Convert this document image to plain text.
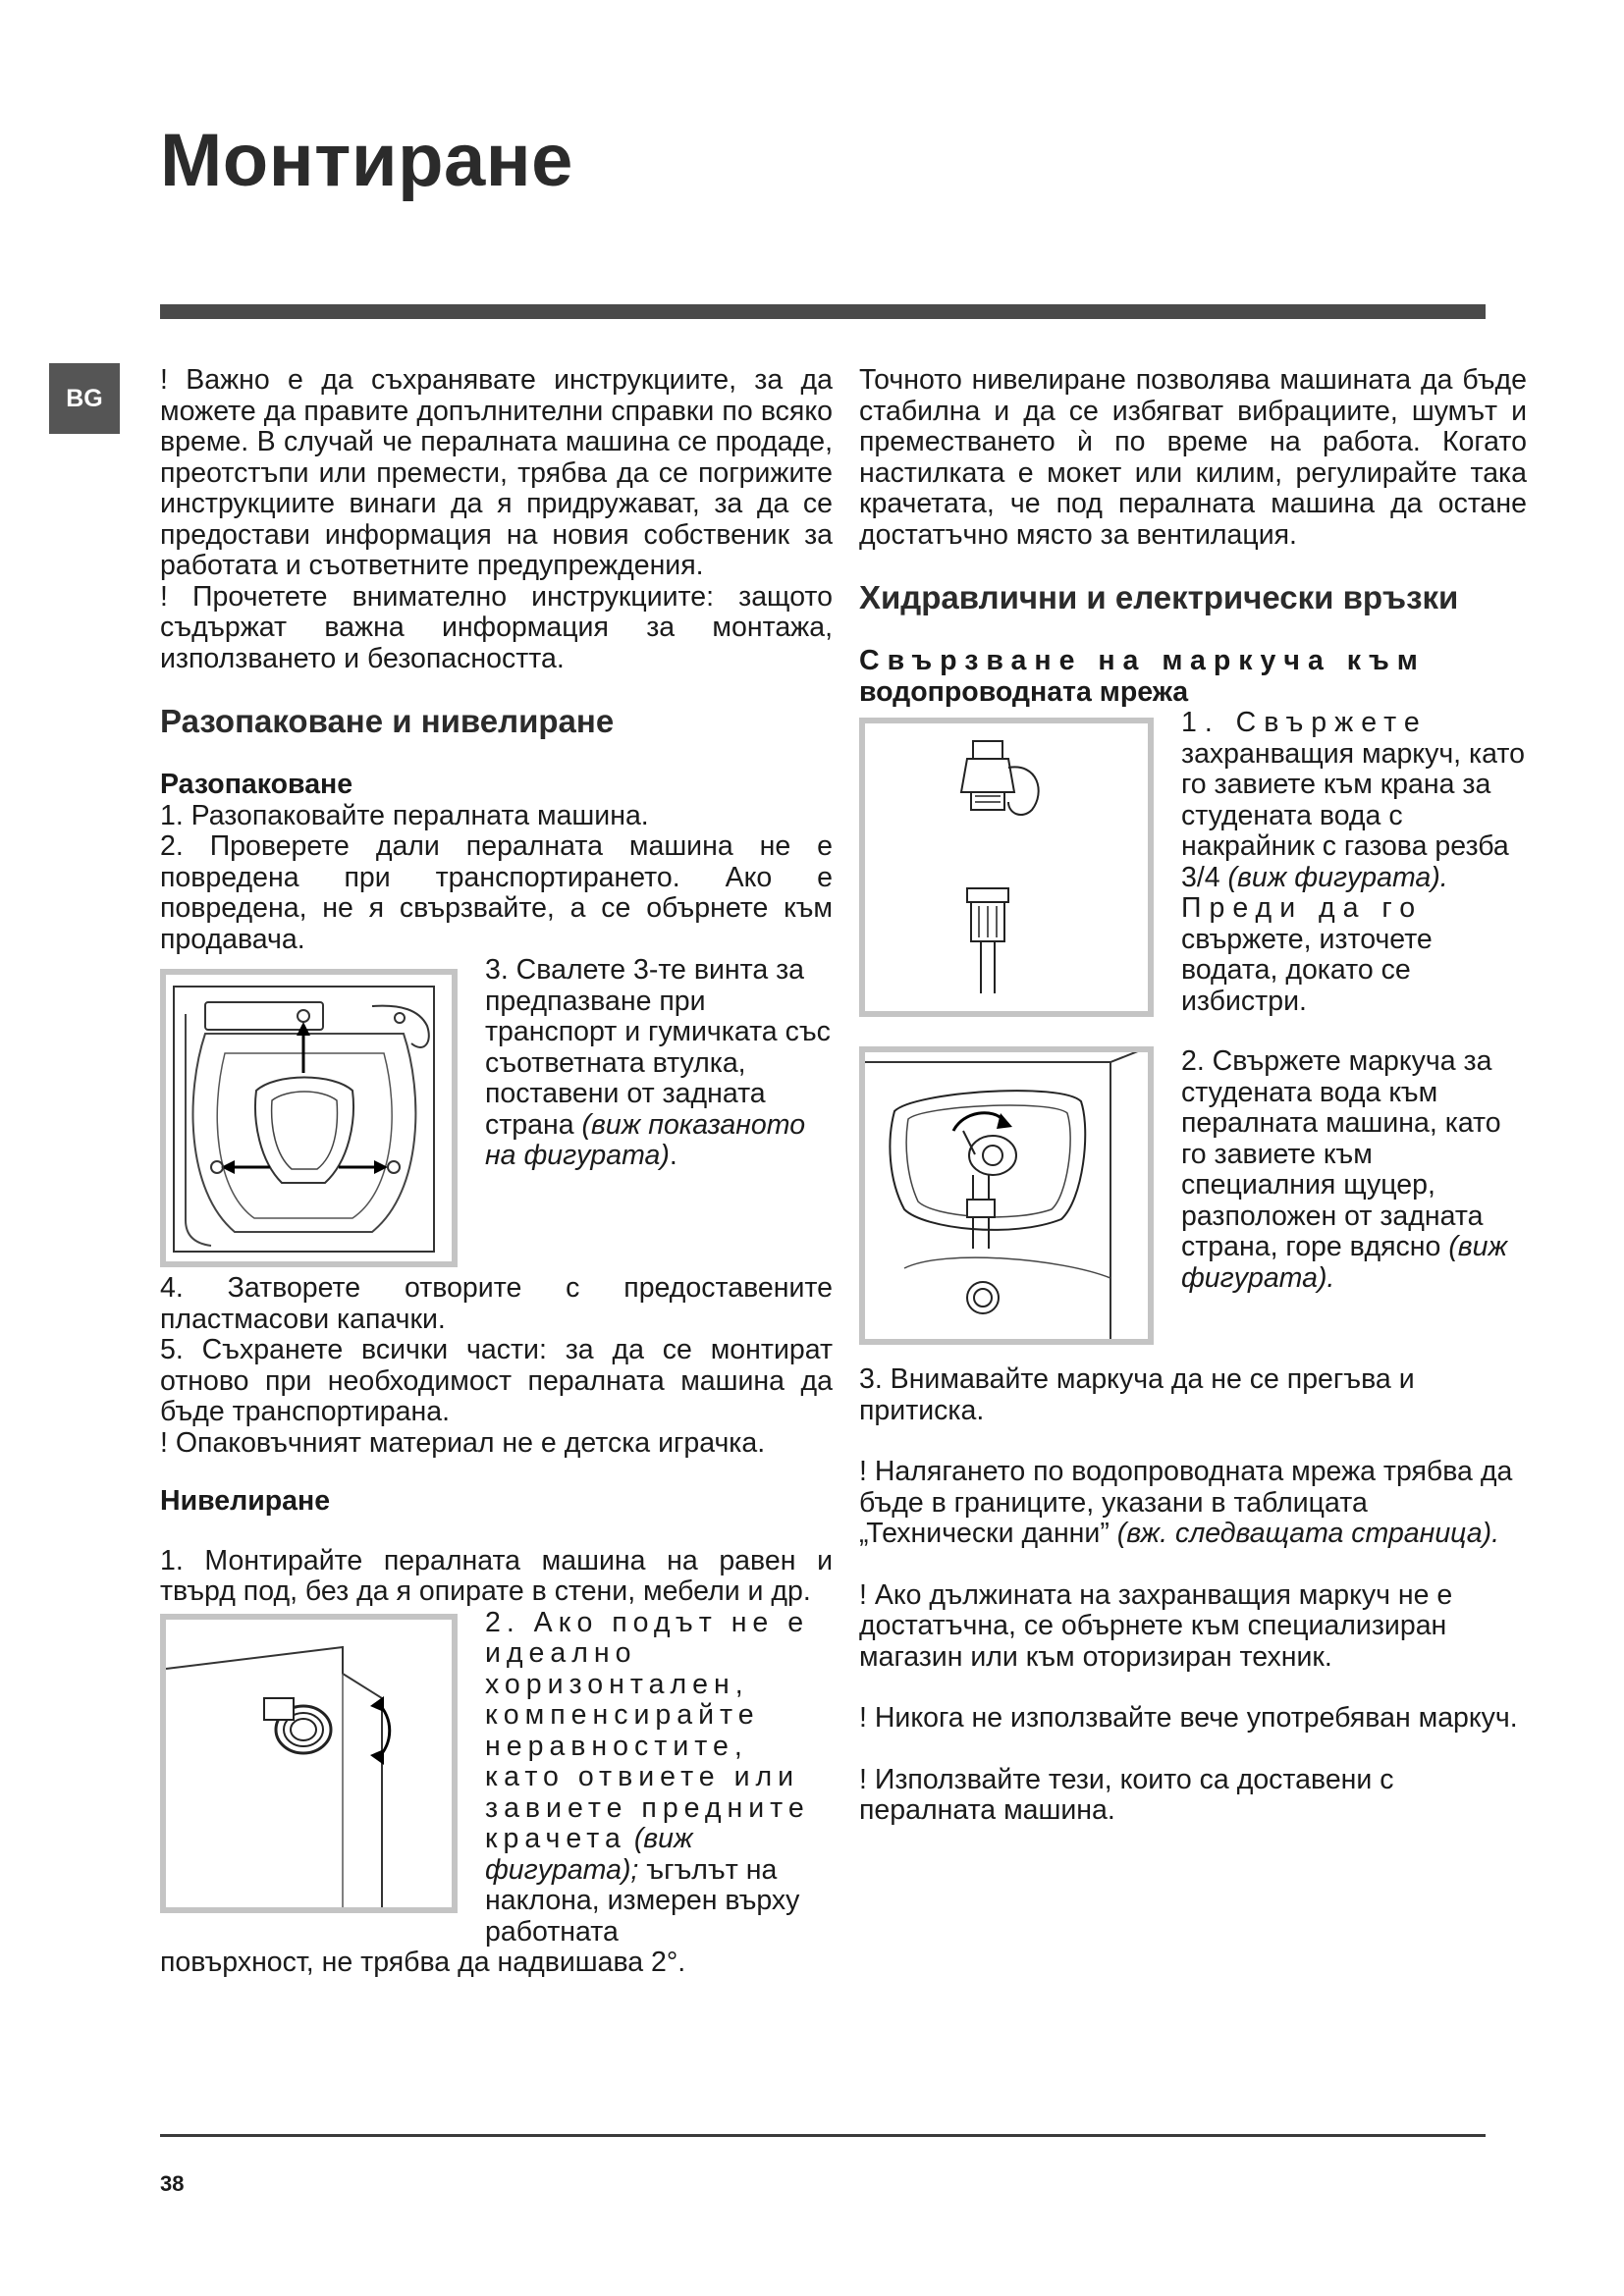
Монтиране
BG

! Важно е да съхранявате инструкциите, за да можете да правите допълнителни справки по всяко време. В случай че пералната машина се продаде, преотстъпи или премести, трябва да се погрижите инструкциите винаги да я придружават, за да се предостави информация на новия собственик за работата и съответните предупреждения.

! Прочетете внимателно инструкциите: защото съдържат важна информация за монтажа, използването и безопасността.

Разопаковане и нивелиране

Разопаковане

1. Разопаковайте пералната машина.

2. Проверете дали пералната машина не е повредена при транспортирането. Ако е повредена, не я свързвайте, а се обърнете към продавача.

3. Свалете 3-те винта за предпазване при транспорт и гумичката със съответната втулка, поставени от задната страна (виж показаното на фигурата).

4. Затворете отворите с предоставените пластмасови капачки.

5. Съхранете всички части: за да се монтират отново при необходимост пералната машина да бъде транспортирана.

! Опаковъчният материал не е детска играчка.

Нивелиране

1. Монтирайте пералната машина на равен и твърд под, без да я опирате в стени, мебели и др.

2. Ако подът не е идеално хоризонтален, компенсирайте неравностите, като отвиете или завиете предните крачета (виж фигурата); ъгълът на наклона, измерен върху работната

повърхност, не трябва да надвишава 2°.

Точното нивелиране позволява машината да бъде стабилна и да се избягват вибрациите, шумът и преместването ѝ по време на работа. Когато настилката е мокет или килим, регулирайте така крачетата, че под пералната машина да остане достатъчно място за вентилация.

Хидравлични и електрически връзки

Свързване на маркуча към

водопроводната мрежа

1. Свържете
захранващия маркуч, като го завиете към крана за студената вода с накрайник с газова резба 3/4 (виж фигурата).
Преди да го
свържете, източете водата, докато се избистри.
2. Свържете маркуча за студената вода към пералната машина, като го завиете към специалния щуцер, разположен от задната страна, горе вдясно (виж фигурата).

3. Внимавайте маркуча да не се прегъва и притиска.

! Налягането по водопроводната мрежа трябва да бъде в границите, указани в таблицата „Технически данни” (вж. следващата страница).

! Ако дължината на захранващия маркуч не е достатъчна, се обърнете към специализиран магазин или към оторизиран техник.

! Никога не използвайте вече употребяван маркуч.

! Използвайте тези, които са доставени с пералната машина.

38
